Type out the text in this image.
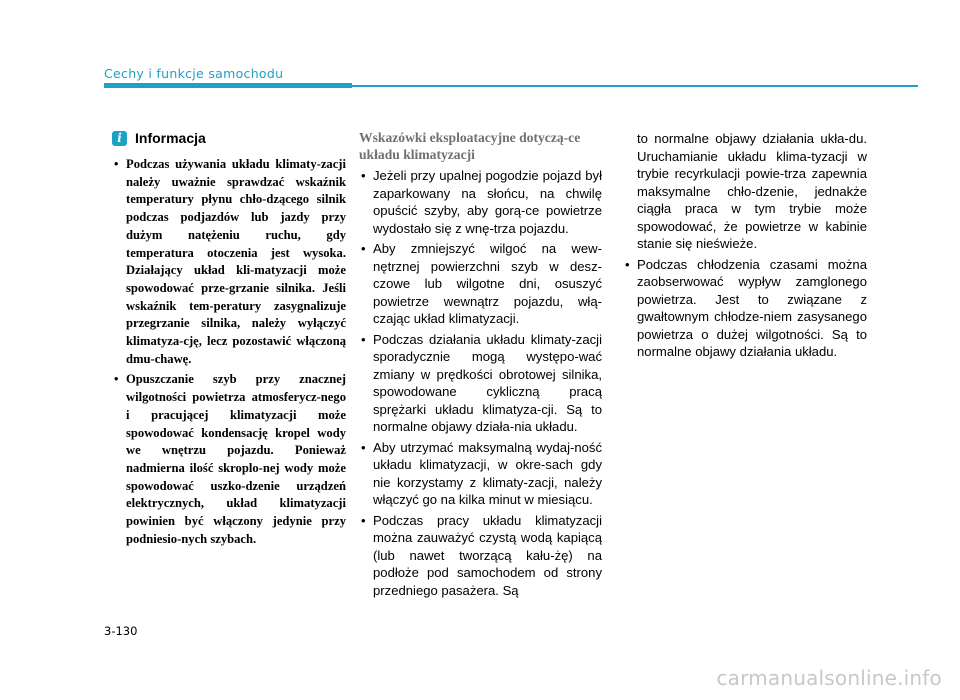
Cechy i funkcje samochodu
i Informacja
• Podczas używania układu klimaty-zacji należy uważnie sprawdzać wskaźnik temperatury płynu chło-dzącego silnik podczas podjazdów lub jazdy przy dużym natężeniu ruchu, gdy temperatura otoczenia jest wysoka. Działający układ kli-matyzacji może spowodować prze-grzanie silnika. Jeśli wskaźnik tem-peratury zasygnalizuje przegrzanie silnika, należy wyłączyć klimatyza-cję, lecz pozostawić włączoną dmu-chawę.
• Opuszczanie szyb przy znacznej wilgotności powietrza atmosferycz-nego i pracującej klimatyzacji może spowodować kondensację kropel wody we wnętrzu pojazdu. Ponieważ nadmierna ilość skroplo-nej wody może spowodować uszko-dzenie urządzeń elektrycznych, układ klimatyzacji powinien być włączony jedynie przy podniesio-nych szybach.
Wskazówki eksploatacyjne dotyczą-ce układu klimatyzacji
• Jeżeli przy upalnej pogodzie pojazd był zaparkowany na słońcu, na chwilę opuścić szyby, aby gorą-ce powietrze wydostało się z wnę-trza pojazdu.
• Aby zmniejszyć wilgoć na wew-nętrznej powierzchni szyb w desz-czowe lub wilgotne dni, osuszyć powietrze wewnątrz pojazdu, włą-czając układ klimatyzacji.
• Podczas działania układu klimaty-zacji sporadycznie mogą występo-wać zmiany w prędkości obrotowej silnika, spowodowane cykliczną pracą sprężarki układu klimatyza-cji. Są to normalne objawy działa-nia układu.
• Aby utrzymać maksymalną wydaj-ność układu klimatyzacji, w okre-sach gdy nie korzystamy z klimaty-zacji, należy włączyć go na kilka minut w miesiącu.
• Podczas pracy układu klimatyzacji można zauważyć czystą wodą kapiącą (lub nawet tworzącą kału-żę) na podłoże pod samochodem od strony przedniego pasażera. Są
to normalne objawy działania ukła-du. Uruchamianie układu klima-tyzacji w trybie recyrkulacji powie-trza zapewnia maksymalne chło-dzenie, jednakże ciągła praca w tym trybie może spowodować, że powietrze w kabinie stanie się nieświeże.
• Podczas chłodzenia czasami można zaobserwować wypływ zamglonego powietrza. Jest to związane z gwałtownym chłodze-niem zasysanego powietrza o dużej wilgotności. Są to normalne objawy działania układu.
3-130
carmanualsonline.info
